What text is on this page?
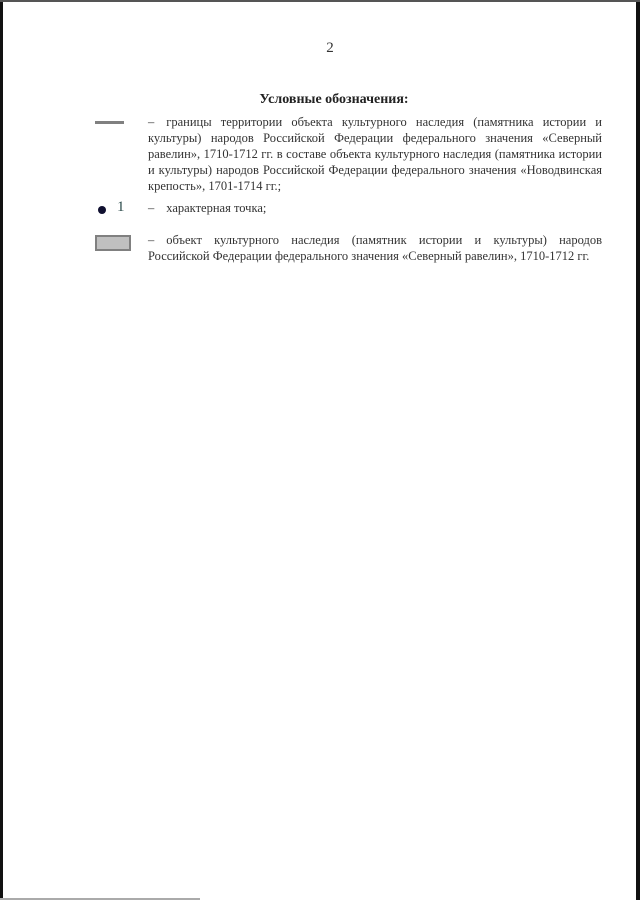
2
Условные обозначения:
– границы территории объекта культурного наследия (памятника истории и культуры) народов Российской Федерации федерального значения «Северный равелин», 1710-1712 гг. в составе объекта культурного наследия (памятника истории и культуры) народов Российской Федерации федерального значения «Новодвинская крепость», 1701-1714 гг.;
1 – характерная точка;
– объект культурного наследия (памятник истории и культуры) народов Российской Федерации федерального значения «Северный равелин», 1710-1712 гг.
